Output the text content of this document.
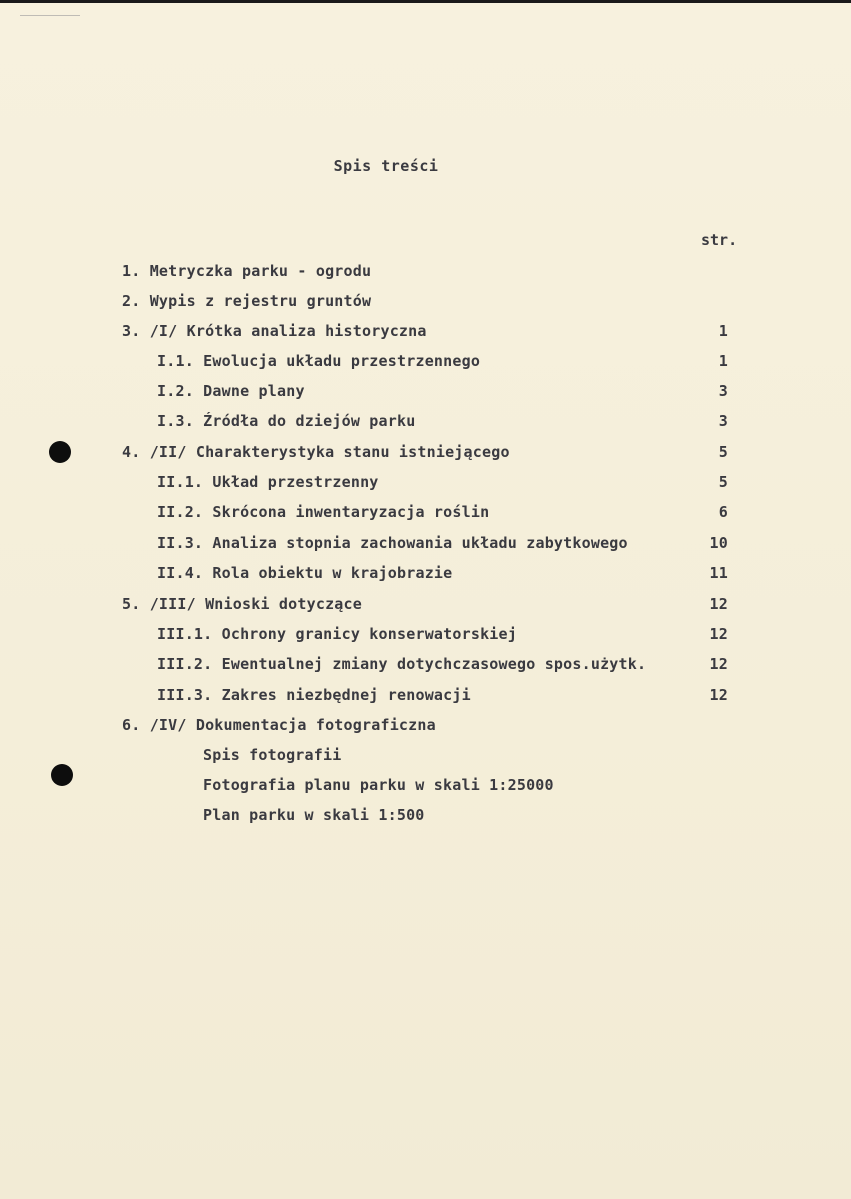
Spis treści
str.
1. Metryczka parku - ogrodu
2. Wypis z rejestru gruntów
3. /I/ Krótka analiza historyczna	1
I.1. Ewolucja układu przestrzennego	1
I.2. Dawne plany	3
I.3. Źródła do dziejów parku	3
4. /II/ Charakterystyka stanu istniejącego	5
II.1. Układ przestrzenny	5
II.2. Skrócona inwentaryzacja roślin	6
II.3. Analiza stopnia zachowania układu zabytkowego	10
II.4. Rola obiektu w krajobrazie	11
5. /III/ Wnioski dotyczące	12
III.1. Ochrony granicy konserwatorskiej	12
III.2. Ewentualnej zmiany dotychczasowego spos.użytk.	12
III.3. Zakres niezbędnej renowacji	12
6. /IV/ Dokumentacja fotograficzna
Spis fotografii
Fotografia planu parku w skali 1:25000
Plan parku w skali 1:500
